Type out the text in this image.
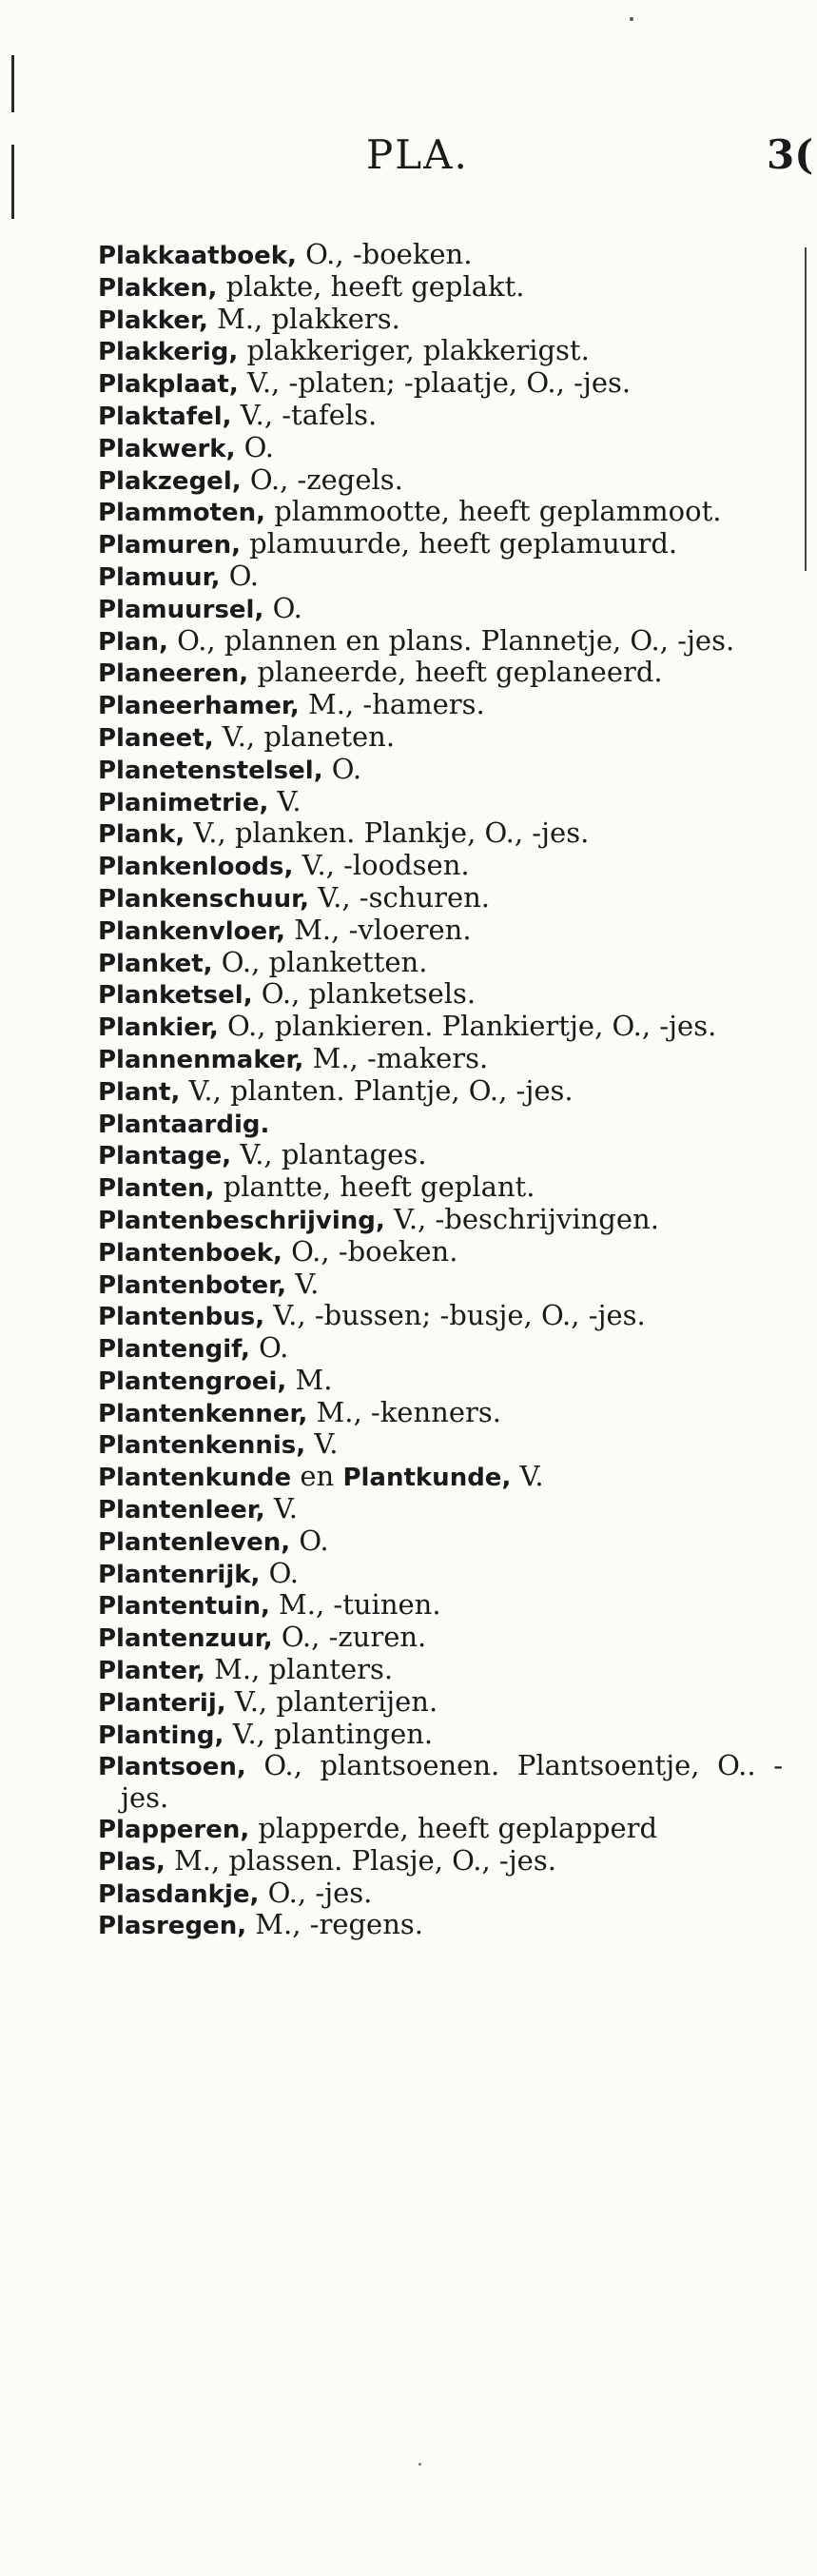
PLA.	3(
Plakkaatboek, O., -boeken.
Plakken, plakte, heeft geplakt.
Plakker, M., plakkers.
Plakkerig, plakkeriger, plakkerigst.
Plakplaat, V., -platen; -plaatje, O., -jes.
Plaktafel, V., -tafels.
Plakwerk, O.
Plakzegel, O., -zegels.
Plammoten, plammootte, heeft geplammoot.
Plamuren, plamuurde, heeft geplamuurd.
Plamuur, O.
Plamuursel, O.
Plan, O., plannen en plans. Plannetje, O., -jes.
Planeeren, planeerde, heeft geplaneerd.
Planeerhamer, M., -hamers.
Planeet, V., planeten.
Planetenstelsel, O.
Planimetrie, V.
Plank, V., planken. Plankje, O., -jes.
Plankenloods, V., -loodsen.
Plankenschuur, V., -schuren.
Plankenvloer, M., -vloeren.
Planket, O., planketten.
Planketsel, O., planketsels.
Plankier, O., plankieren. Plankiertje, O., -jes.
Plannenmaker, M., -makers.
Plant, V., planten. Plantje, O., -jes.
Plantaardig.
Plantage, V., plantages.
Planten, plantte, heeft geplant.
Plantenbeschrijving, V., -beschrijvingen.
Plantenboek, O., -boeken.
Plantenboter, V.
Plantenbus, V., -bussen; -busje, O., -jes.
Plantengif, O.
Plantengroei, M.
Plantenkenner, M., -kenners.
Plantenkennis, V.
Plantenkunde en Plantkunde, V.
Plantenleer, V.
Plantenleven, O.
Plantenrijk, O.
Plantentuin, M., -tuinen.
Plantenzuur, O., -zuren.
Planter, M., planters.
Planterij, V., planterijen.
Planting, V., plantingen.
Plantsoen, O., plantsoenen. Plantsoentje, O.. -jes.
Plapperen, plapperde, heeft geplapperd
Plas, M., plassen. Plasje, O., -jes.
Plasdankje, O., -jes.
Plasregen, M., -regens.
